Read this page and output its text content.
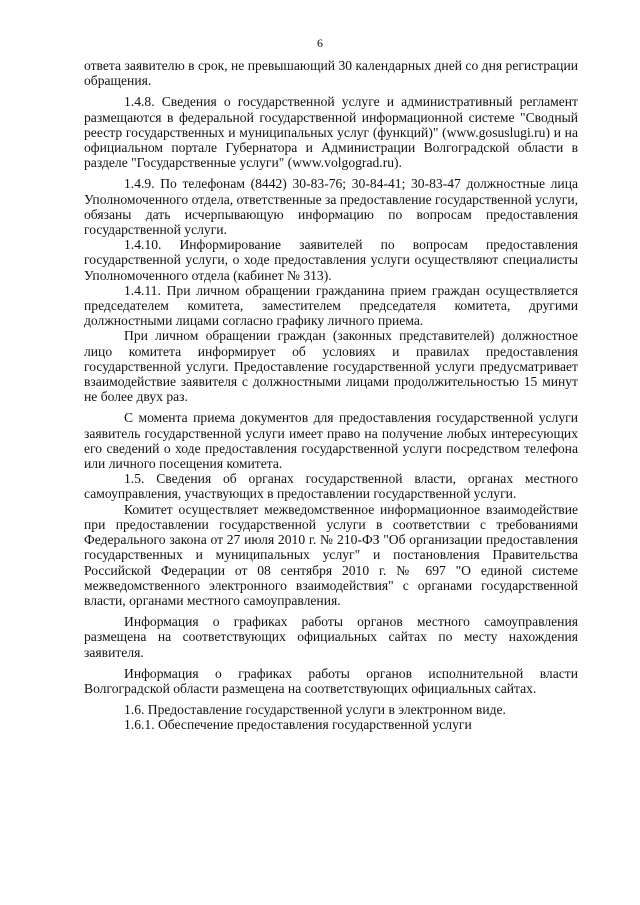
6

ответа заявителю в срок, не превышающий 30 календарных дней со дня регистрации обращения.

1.4.8. Сведения о государственной услуге и административный регламент размещаются в федеральной государственной информационной системе "Сводный реестр государственных и муниципальных услуг (функций)" (www.gosuslugi.ru) и на официальном портале Губернатора и Администрации Волгоградской области в разделе "Государственные услуги" (www.volgograd.ru).

1.4.9. По телефонам (8442) 30-83-76; 30-84-41; 30-83-47 должностные лица Уполномоченного отдела, ответственные за предоставление государственной услуги, обязаны дать исчерпывающую информацию по вопросам предоставления государственной услуги.

1.4.10. Информирование заявителей по вопросам предоставления государственной услуги, о ходе предоставления услуги осуществляют специалисты Уполномоченного отдела (кабинет № 313).

1.4.11. При личном обращении гражданина прием граждан осуществляется председателем комитета, заместителем председателя комитета, другими должностными лицами согласно графику личного приема.

При личном обращении граждан (законных представителей) должностное лицо комитета информирует об условиях и правилах предоставления государственной услуги. Предоставление государственной услуги предусматривает взаимодействие заявителя с должностными лицами продолжительностью 15 минут не более двух раз.

С момента приема документов для предоставления государственной услуги заявитель государственной услуги имеет право на получение любых интересующих его сведений о ходе предоставления государственной услуги посредством телефона или личного посещения комитета.

1.5. Сведения об органах государственной власти, органах местного самоуправления, участвующих в предоставлении государственной услуги.

Комитет осуществляет межведомственное информационное взаимодействие при предоставлении государственной услуги в соответствии с требованиями Федерального закона от 27 июля 2010 г. № 210-ФЗ "Об организации предоставления государственных и муниципальных услуг" и постановления Правительства Российской Федерации от 08 сентября 2010 г. № 697 "О единой системе межведомственного электронного взаимодействия" с органами государственной власти, органами местного самоуправления.

Информация о графиках работы органов местного самоуправления размещена на соответствующих официальных сайтах по месту нахождения заявителя.

Информация о графиках работы органов исполнительной власти Волгоградской области размещена на соответствующих официальных сайтах.

1.6. Предоставление государственной услуги в электронном виде.

1.6.1. Обеспечение предоставления государственной услуги
